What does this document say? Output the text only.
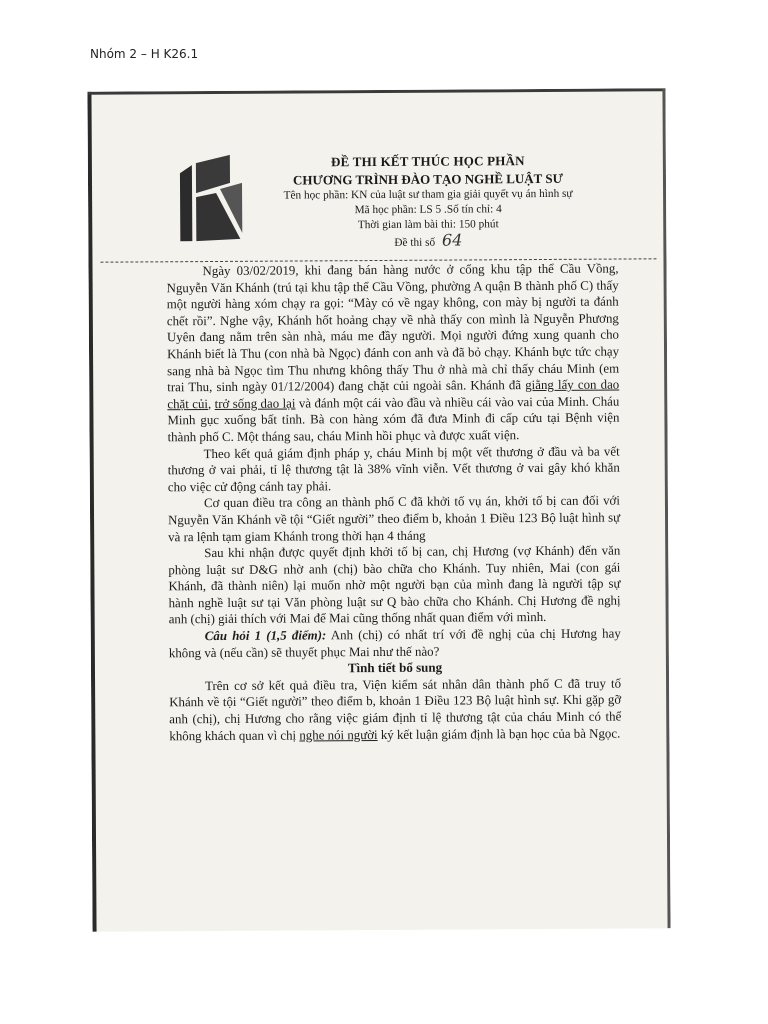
Nhóm 2 – H K26.1
ĐỀ THI KẾT THÚC HỌC PHẦN
CHƯƠNG TRÌNH ĐÀO TẠO NGHỀ LUẬT SƯ
Tên học phần: KN của luật sư tham gia giải quyết vụ án hình sự
Mã học phần: LS 5 .Số tín chỉ: 4
Thời gian làm bài thi: 150 phút
Đề thi số 64

Ngày 03/02/2019, khi đang bán hàng nước ở cổng khu tập thể Cầu Vồng, Nguyễn Văn Khánh (trú tại khu tập thể Cầu Vồng, phường A quận B thành phố C) thấy một người hàng xóm chạy ra gọi: “Mày có về ngay không, con mày bị người ta đánh chết rồi”. Nghe vậy, Khánh hốt hoảng chạy về nhà thấy con mình là Nguyễn Phương Uyên đang nằm trên sàn nhà, máu me đầy người. Mọi người đứng xung quanh cho Khánh biết là Thu (con nhà bà Ngọc) đánh con anh và đã bỏ chạy. Khánh bực tức chạy sang nhà bà Ngọc tìm Thu nhưng không thấy Thu ở nhà mà chỉ thấy cháu Minh (em trai Thu, sinh ngày 01/12/2004) đang chặt củi ngoài sân. Khánh đã giằng lấy con dao chặt củi, trở sống dao lại và đánh một cái vào đầu và nhiều cái vào vai của Minh. Cháu Minh gục xuống bất tỉnh. Bà con hàng xóm đã đưa Minh đi cấp cứu tại Bệnh viện thành phố C. Một tháng sau, cháu Minh hồi phục và được xuất viện.

Theo kết quả giám định pháp y, cháu Minh bị một vết thương ở đầu và ba vết thương ở vai phải, tỉ lệ thương tật là 38% vĩnh viễn. Vết thương ở vai gây khó khăn cho việc cử động cánh tay phải.

Cơ quan điều tra công an thành phố C đã khởi tố vụ án, khởi tố bị can đối với Nguyễn Văn Khánh về tội “Giết người” theo điểm b, khoản 1 Điều 123 Bộ luật hình sự và ra lệnh tạm giam Khánh trong thời hạn 4 tháng

Sau khi nhận được quyết định khởi tố bị can, chị Hương (vợ Khánh) đến văn phòng luật sư D&G nhờ anh (chị) bào chữa cho Khánh. Tuy nhiên, Mai (con gái Khánh, đã thành niên) lại muốn nhờ một người bạn của mình đang là người tập sự hành nghề luật sư tại Văn phòng luật sư Q bào chữa cho Khánh. Chị Hương đề nghị anh (chị) giải thích với Mai để Mai cũng thống nhất quan điểm với mình.

Câu hỏi 1 (1,5 điểm): Anh (chị) có nhất trí với đề nghị của chị Hương hay không và (nếu cần) sẽ thuyết phục Mai như thế nào?

Tình tiết bổ sung

Trên cơ sở kết quả điều tra, Viện kiểm sát nhân dân thành phố C đã truy tố Khánh về tội “Giết người” theo điểm b, khoản 1 Điều 123 Bộ luật hình sự. Khi gặp gỡ anh (chị), chị Hương cho rằng việc giám định tỉ lệ thương tật của cháu Minh có thể không khách quan vì chị nghe nói người ký kết luận giám định là bạn học của bà Ngọc.
